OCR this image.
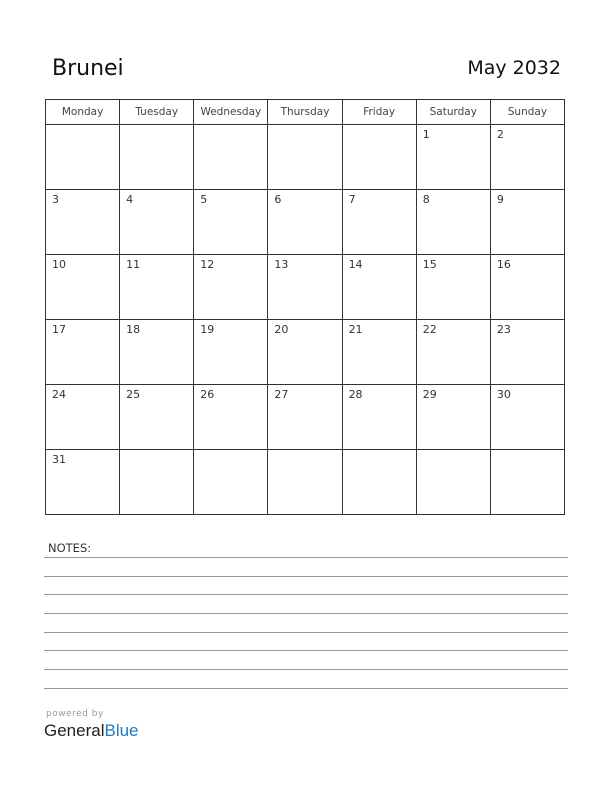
Brunei	May 2032
Monday	Tuesday	Wednesday	Thursday	Friday	Saturday	Sunday

					1	2

3	4	5	6	7	8	9

10	11	12	13	14	15	16

17	18	19	20	21	22	23

24	25	26	27	28	29	30

31						

NOTES:
powered by
GeneralBlue
